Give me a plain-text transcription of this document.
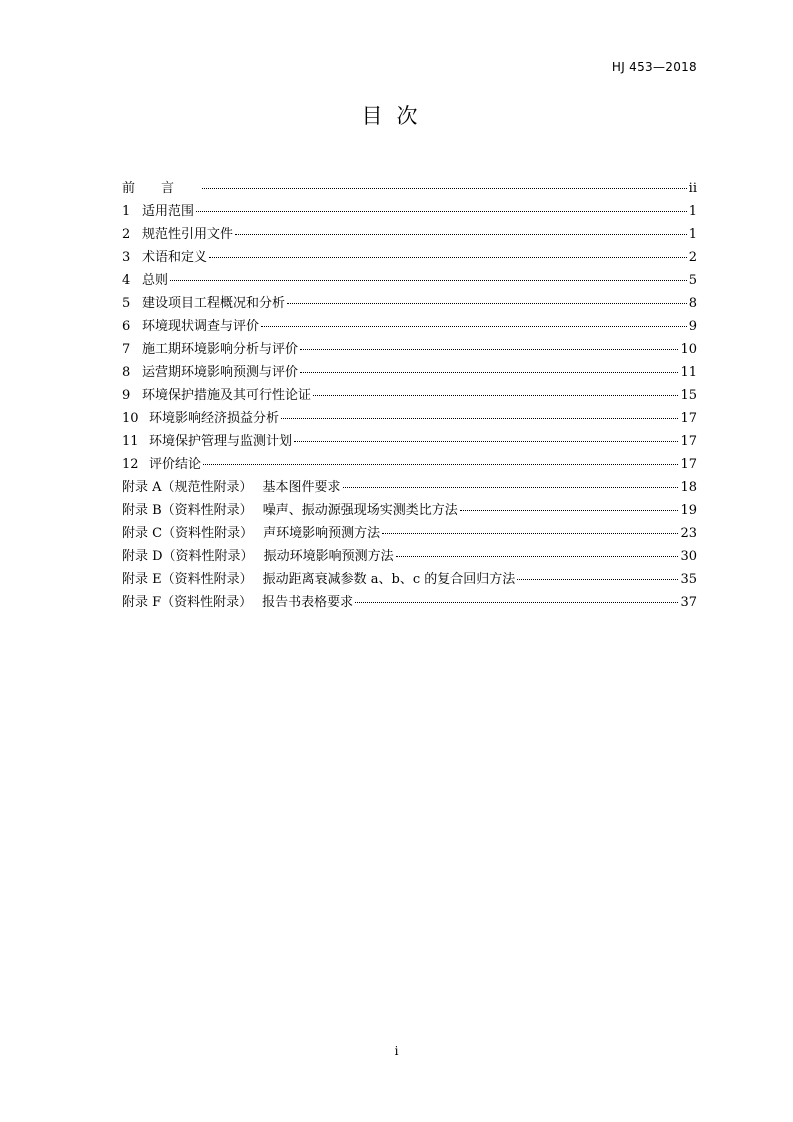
HJ 453—2018
目次
前言	ii
1 适用范围	1
2 规范性引用文件	1
3 术语和定义	2
4 总则	5
5 建设项目工程概况和分析	8
6 环境现状调查与评价	9
7 施工期环境影响分析与评价	10
8 运营期环境影响预测与评价	11
9 环境保护措施及其可行性论证	15
10 环境影响经济损益分析	17
11 环境保护管理与监测计划	17
12 评价结论	17
附录 A（规范性附录） 基本图件要求	18
附录 B（资料性附录） 噪声、振动源强现场实测类比方法	19
附录 C（资料性附录） 声环境影响预测方法	23
附录 D（资料性附录） 振动环境影响预测方法	30
附录 E（资料性附录） 振动距离衰减参数 a、b、c 的复合回归方法	35
附录 F（资料性附录） 报告书表格要求	37
i
